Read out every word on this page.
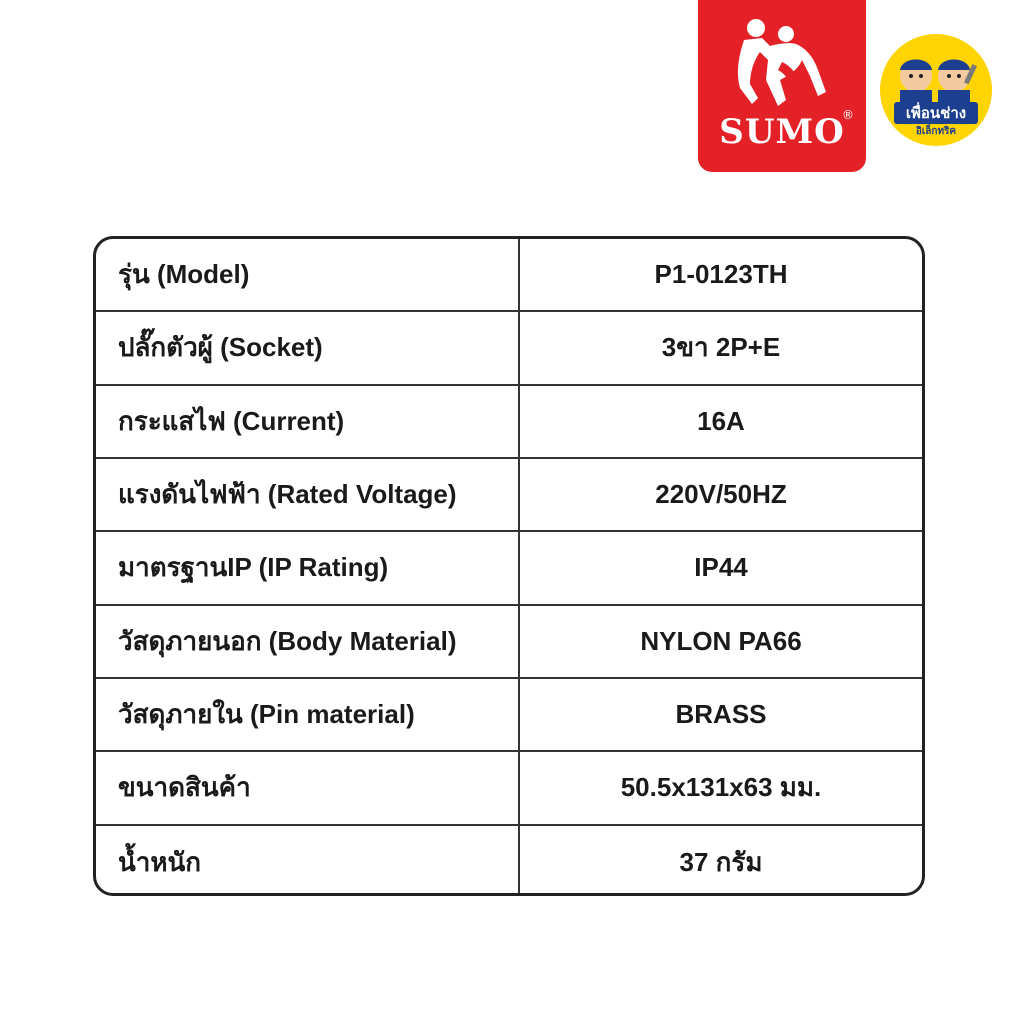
SUMO
®	เพื่อนช่าง
อิเล็กทริค
รุ่น (Model)	P1-0123TH
ปลั๊กตัวผู้ (Socket)	3ขา 2P+E
กระแสไฟ (Current)	16A
แรงดันไฟฟ้า (Rated Voltage)	220V/50HZ
มาตรฐานIP (IP Rating)	IP44
วัสดุภายนอก (Body Material)	NYLON PA66
วัสดุภายใน (Pin material)	BRASS
ขนาดสินค้า	50.5x131x63 มม.
น้ำหนัก	37 กรัม
